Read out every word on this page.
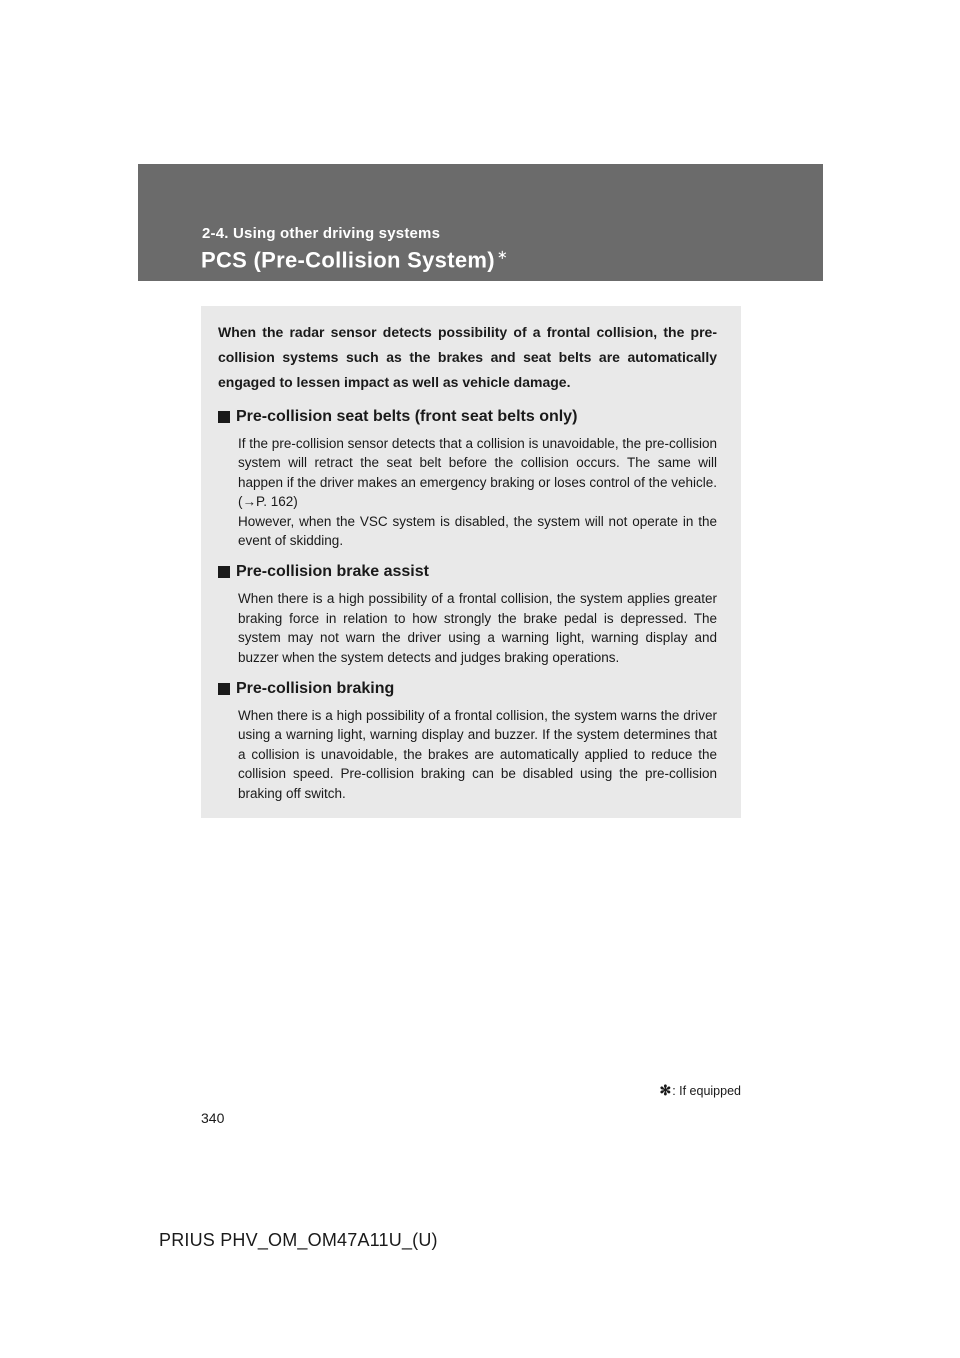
2-4. Using other driving systems
PCS (Pre-Collision System) ∗

When the radar sensor detects possibility of a frontal collision, the pre-collision systems such as the brakes and seat belts are automatically engaged to lessen impact as well as vehicle damage.

Pre-collision seat belts (front seat belts only)

If the pre-collision sensor detects that a collision is unavoidable, the pre-collision system will retract the seat belt before the collision occurs. The same will happen if the driver makes an emergency braking or loses control of the vehicle. (→P. 162)
However, when the VSC system is disabled, the system will not operate in the event of skidding.

Pre-collision brake assist

When there is a high possibility of a frontal collision, the system applies greater braking force in relation to how strongly the brake pedal is depressed. The system may not warn the driver using a warning light, warning display and buzzer when the system detects and judges braking operations.

Pre-collision braking

When there is a high possibility of a frontal collision, the system warns the driver using a warning light, warning display and buzzer. If the system determines that a collision is unavoidable, the brakes are automatically applied to reduce the collision speed. Pre-collision braking can be disabled using the pre-collision braking off switch.

✻ : If equipped
340
PRIUS PHV_OM_OM47A11U_(U)
